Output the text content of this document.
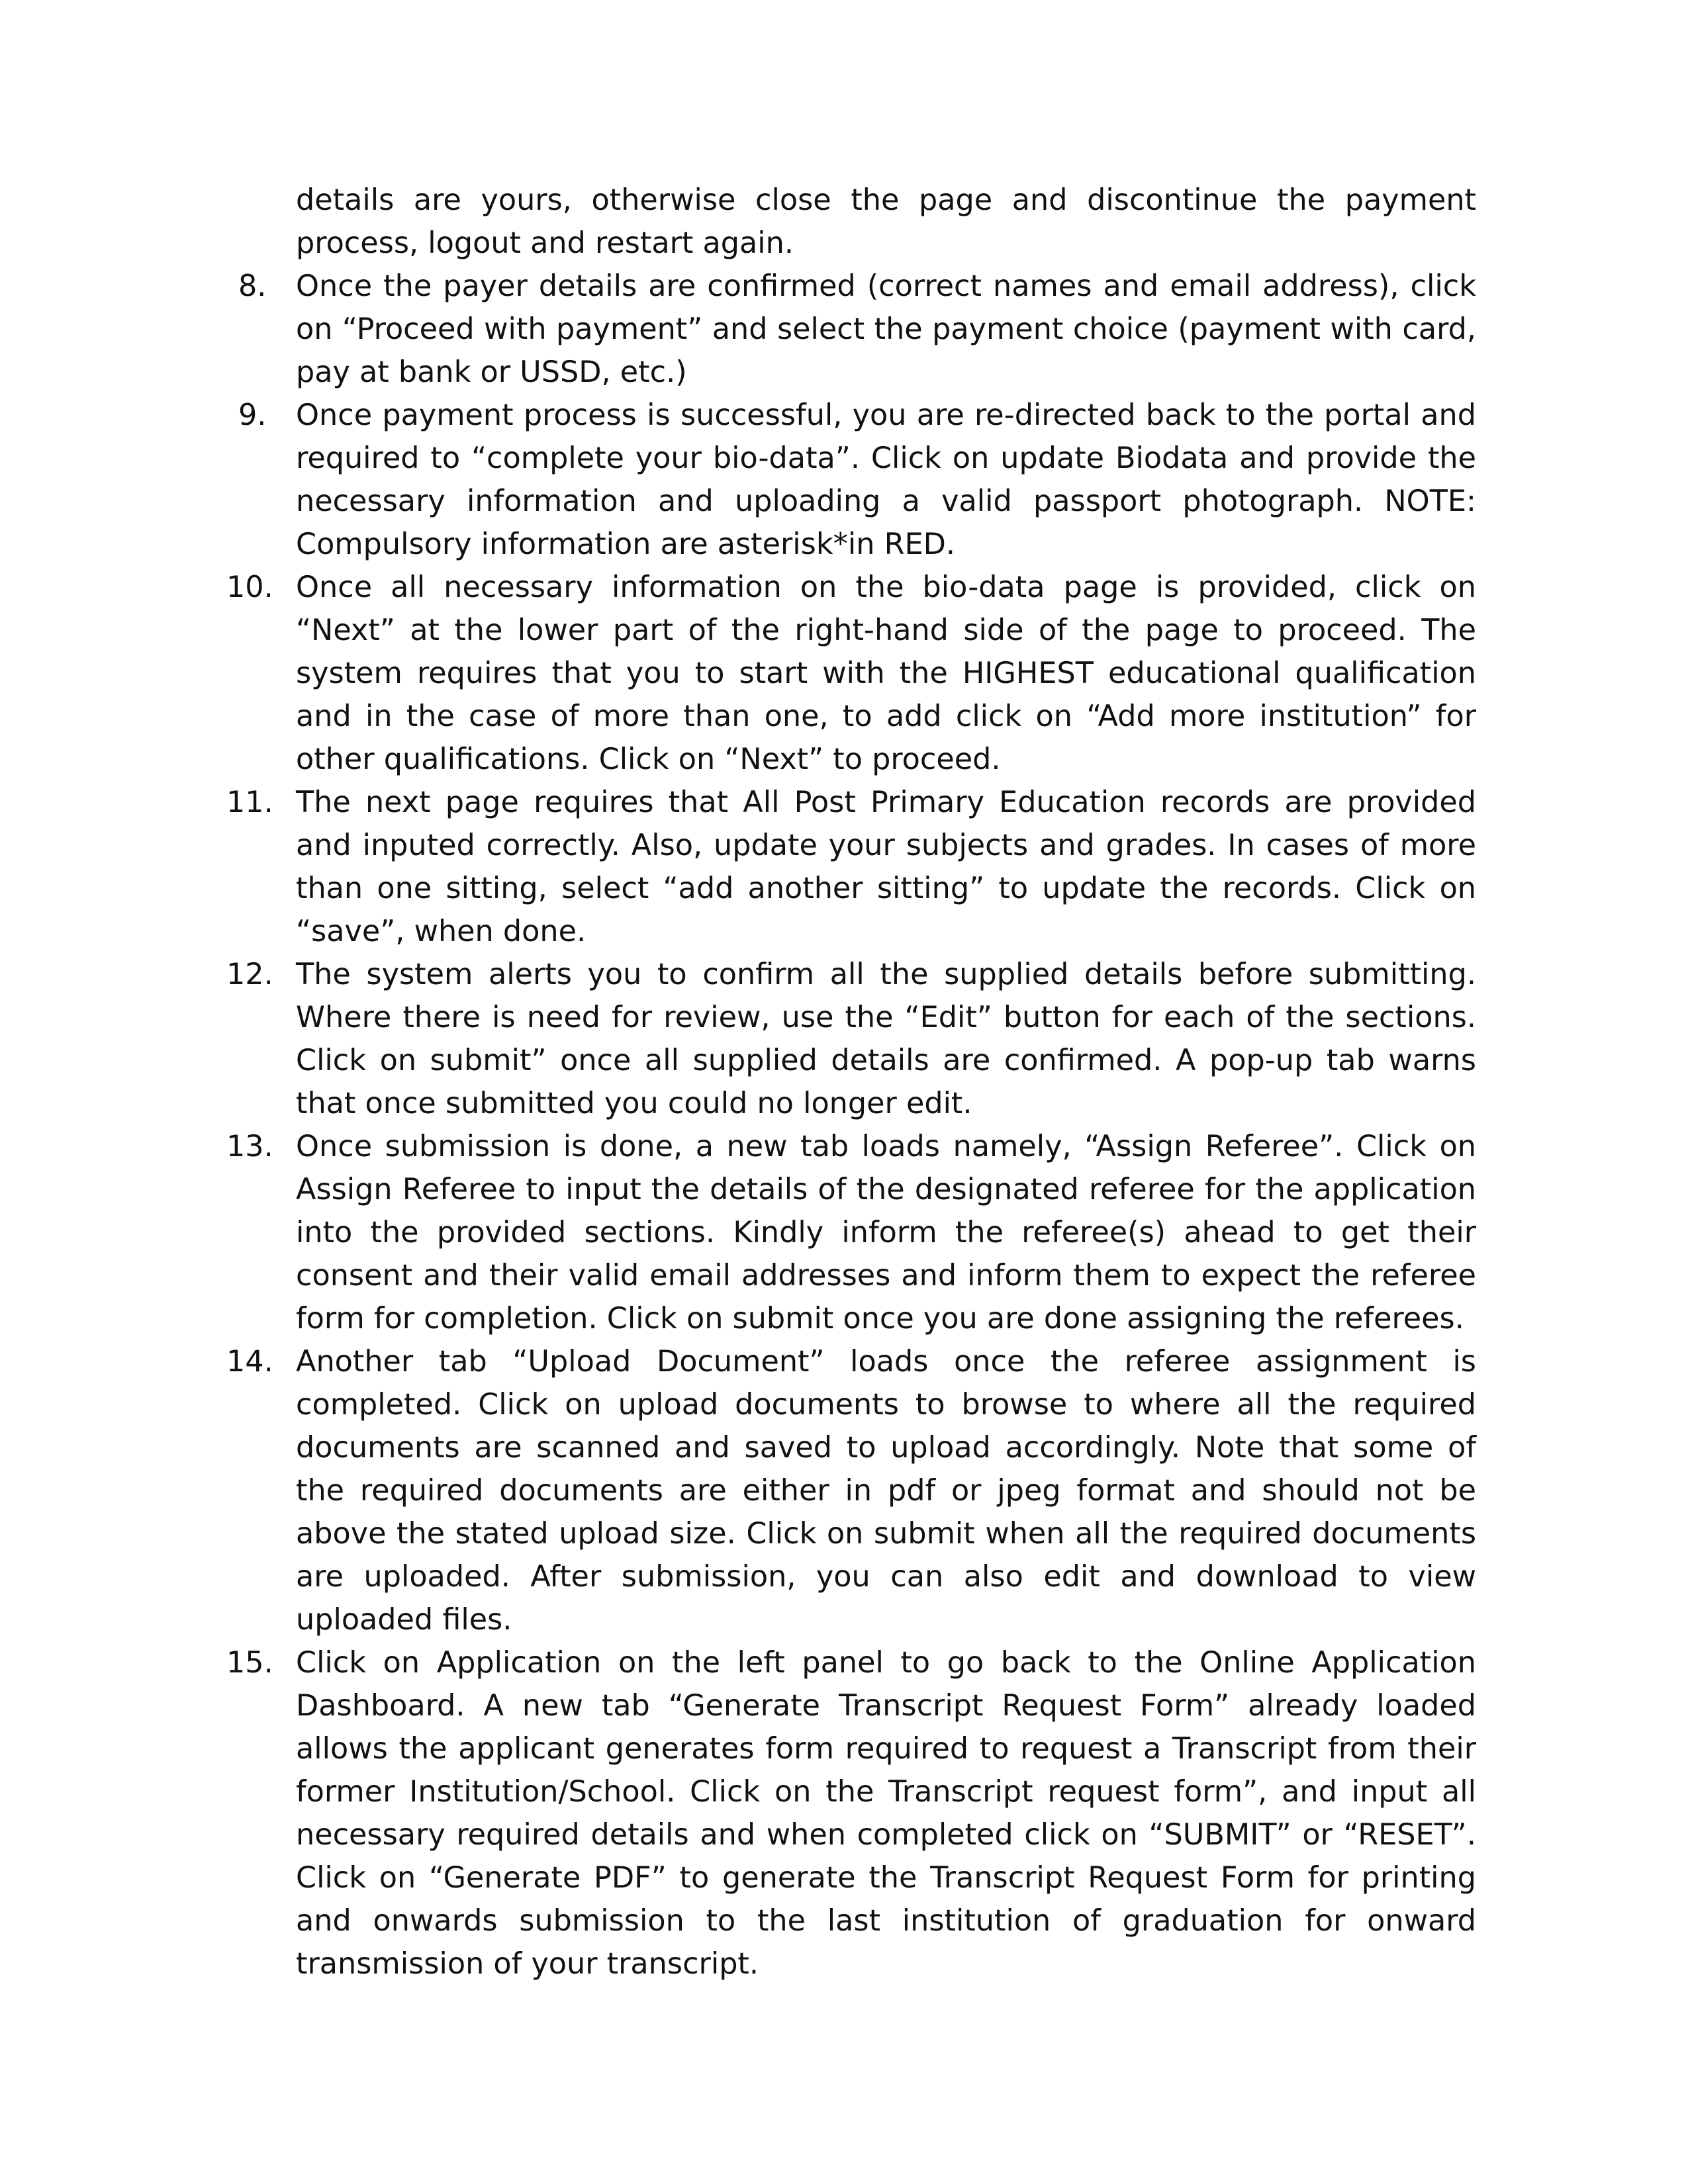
details are yours, otherwise close the page and discontinue the payment process, logout and restart again.

8.	Once the payer details are confirmed (correct names and email address), click on “Proceed with payment” and select the payment choice (payment with card, pay at bank or USSD, etc.)

9.	Once payment process is successful, you are re-directed back to the portal and required to “complete your bio-data”. Click on update Biodata and provide the necessary information and uploading a valid passport photograph. NOTE: Compulsory information are asterisk*in RED.

10. Once all necessary information on the bio-data page is provided, click on “Next” at the lower part of the right-hand side of the page to proceed. The system requires that you to start with the HIGHEST educational qualification and in the case of more than one, to add click on “Add more institution” for other qualifications. Click on “Next” to proceed.

11. The next page requires that All Post Primary Education records are provided and inputed correctly. Also, update your subjects and grades. In cases of more than one sitting, select “add another sitting” to update the records. Click on “save”, when done.

12. The system alerts you to confirm all the supplied details before submitting. Where there is need for review, use the “Edit” button for each of the sections. Click on submit” once all supplied details are confirmed. A pop-up tab warns that once submitted you could no longer edit.

13. Once submission is done, a new tab loads namely, “Assign Referee”. Click on Assign Referee to input the details of the designated referee for the application into the provided sections. Kindly inform the referee(s) ahead to get their consent and their valid email addresses and inform them to expect the referee form for completion. Click on submit once you are done assigning the referees.

14. Another tab “Upload Document” loads once the referee assignment is completed. Click on upload documents to browse to where all the required documents are scanned and saved to upload accordingly. Note that some of the required documents are either in pdf or jpeg format and should not be above the stated upload size. Click on submit when all the required documents are uploaded. After submission, you can also edit and download to view uploaded files.

15. Click on Application on the left panel to go back to the Online Application Dashboard. A new tab “Generate Transcript Request Form” already loaded allows the applicant generates form required to request a Transcript from their former Institution/School. Click on the Transcript request form”, and input all necessary required details and when completed click on “SUBMIT” or “RESET”. Click on “Generate PDF” to generate the Transcript Request Form for printing and onwards submission to the last institution of graduation for onward transmission of your transcript.
